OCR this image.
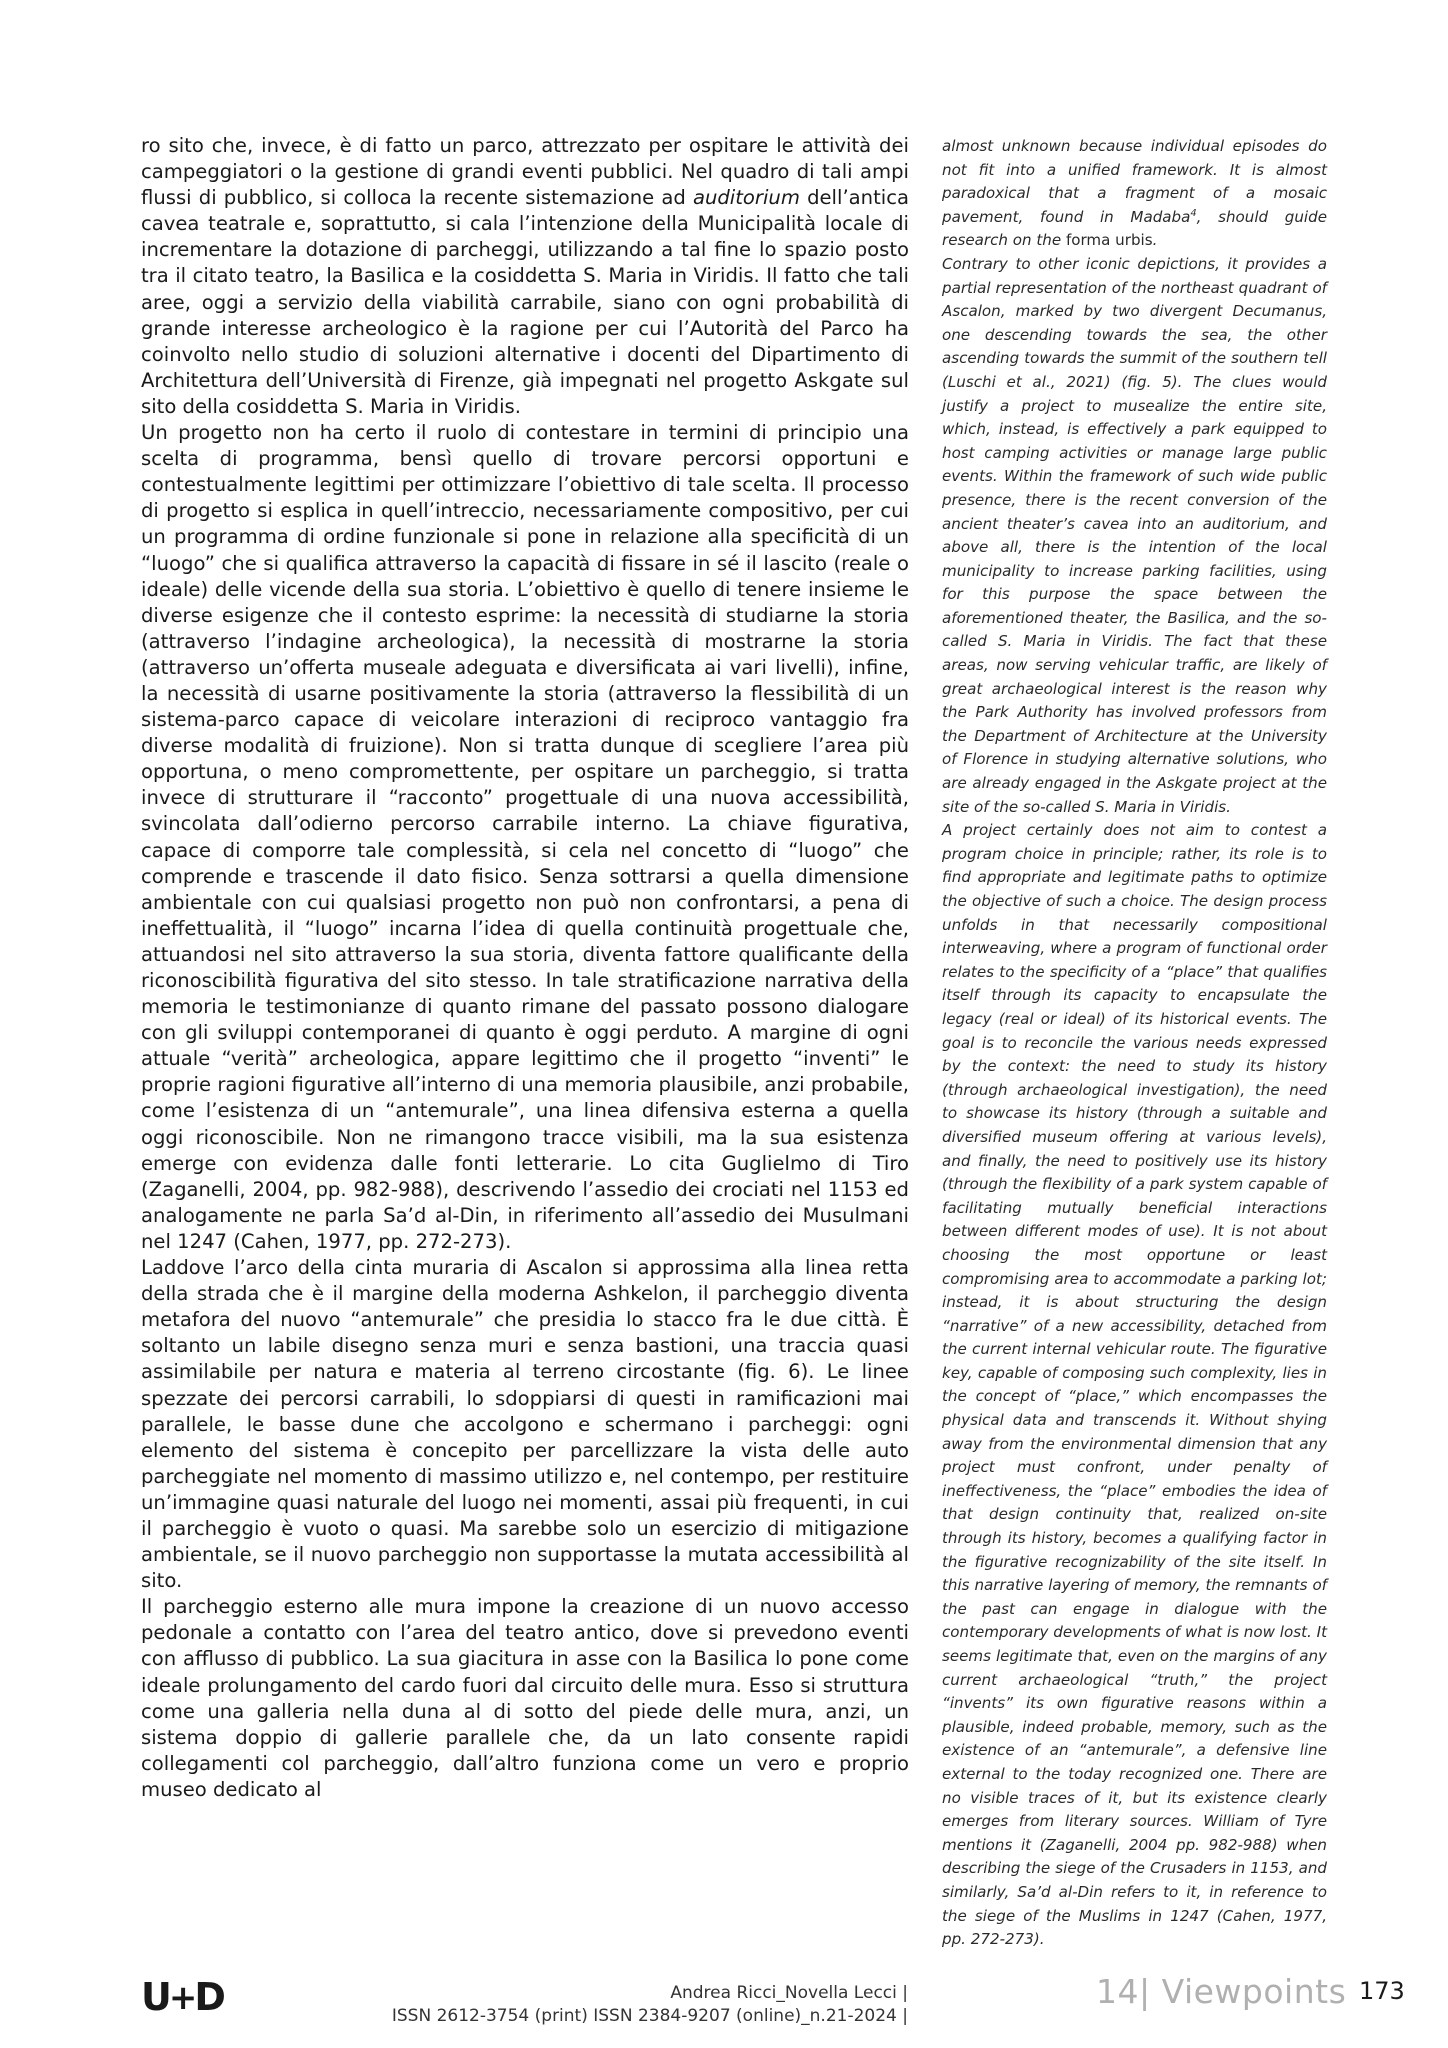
ro sito che, invece, è di fatto un parco, attrezzato per ospitare le attività dei campeggiatori o la gestione di grandi eventi pubblici. Nel quadro di tali ampi flussi di pubblico, si colloca la recente sistemazione ad auditorium dell’antica cavea teatrale e, soprattutto, si cala l’intenzione della Municipalità locale di incrementare la dotazione di parcheggi, utilizzando a tal fine lo spazio posto tra il citato teatro, la Basilica e la cosiddetta S. Maria in Viridis. Il fatto che tali aree, oggi a servizio della viabilità carrabile, siano con ogni probabilità di grande interesse archeologico è la ragione per cui l’Autorità del Parco ha coinvolto nello studio di soluzioni alternative i docenti del Dipartimento di Architettura dell’Università di Firenze, già impegnati nel progetto Askgate sul sito della cosiddetta S. Maria in Viridis.

Un progetto non ha certo il ruolo di contestare in termini di principio una scelta di programma, bensì quello di trovare percorsi opportuni e contestualmente legittimi per ottimizzare l’obiettivo di tale scelta. Il processo di progetto si esplica in quell’intreccio, necessariamente compositivo, per cui un programma di ordine funzionale si pone in relazione alla specificità di un “luogo” che si qualifica attraverso la capacità di fissare in sé il lascito (reale o ideale) delle vicende della sua storia. L’obiettivo è quello di tenere insieme le diverse esigenze che il contesto esprime: la necessità di studiarne la storia (attraverso l’indagine archeologica), la necessità di mostrarne la storia (attraverso un’offerta museale adeguata e diversificata ai vari livelli), infine, la necessità di usarne positivamente la storia (attraverso la flessibilità di un sistema-parco capace di veicolare interazioni di reciproco vantaggio fra diverse modalità di fruizione). Non si tratta dunque di scegliere l’area più opportuna, o meno compromettente, per ospitare un parcheggio, si tratta invece di strutturare il “racconto” progettuale di una nuova accessibilità, svincolata dall’odierno percorso carrabile interno. La chiave figurativa, capace di comporre tale complessità, si cela nel concetto di “luogo” che comprende e trascende il dato fisico. Senza sottrarsi a quella dimensione ambientale con cui qualsiasi progetto non può non confrontarsi, a pena di ineffettualità, il “luogo” incarna l’idea di quella continuità progettuale che, attuandosi nel sito attraverso la sua storia, diventa fattore qualificante della riconoscibilità figurativa del sito stesso. In tale stratificazione narrativa della memoria le testimonianze di quanto rimane del passato possono dialogare con gli sviluppi contemporanei di quanto è oggi perduto. A margine di ogni attuale “verità” archeologica, appare legittimo che il progetto “inventi” le proprie ragioni figurative all’interno di una memoria plausibile, anzi probabile, come l’esistenza di un “antemurale”, una linea difensiva esterna a quella oggi riconoscibile. Non ne rimangono tracce visibili, ma la sua esistenza emerge con evidenza dalle fonti letterarie. Lo cita Guglielmo di Tiro (Zaganelli, 2004, pp. 982-988), descrivendo l’assedio dei crociati nel 1153 ed analogamente ne parla Sa’d al-Din, in riferimento all’assedio dei Musulmani nel 1247 (Cahen, 1977, pp. 272-273).

Laddove l’arco della cinta muraria di Ascalon si approssima alla linea retta della strada che è il margine della moderna Ashkelon, il parcheggio diventa metafora del nuovo “antemurale” che presidia lo stacco fra le due città. È soltanto un labile disegno senza muri e senza bastioni, una traccia quasi assimilabile per natura e materia al terreno circostante (fig. 6). Le linee spezzate dei percorsi carrabili, lo sdoppiarsi di questi in ramificazioni mai parallele, le basse dune che accolgono e schermano i parcheggi: ogni elemento del sistema è concepito per parcellizzare la vista delle auto parcheggiate nel momento di massimo utilizzo e, nel contempo, per restituire un’immagine quasi naturale del luogo nei momenti, assai più frequenti, in cui il parcheggio è vuoto o quasi. Ma sarebbe solo un esercizio di mitigazione ambientale, se il nuovo parcheggio non supportasse la mutata accessibilità al sito.

Il parcheggio esterno alle mura impone la creazione di un nuovo accesso pedonale a contatto con l’area del teatro antico, dove si prevedono eventi con afflusso di pubblico. La sua giacitura in asse con la Basilica lo pone come ideale prolungamento del cardo fuori dal circuito delle mura. Esso si struttura come una galleria nella duna al di sotto del piede delle mura, anzi, un sistema doppio di gallerie parallele che, da un lato consente rapidi collegamenti col parcheggio, dall’altro funziona come un vero e proprio museo dedicato al

almost unknown because individual episodes do not fit into a unified framework. It is almost paradoxical that a fragment of a mosaic pavement, found in Madaba$^4$, should guide research on the forma urbis.

Contrary to other iconic depictions, it provides a partial representation of the northeast quadrant of Ascalon, marked by two divergent Decumanus, one descending towards the sea, the other ascending towards the summit of the southern tell (Luschi et al., 2021) (fig. 5). The clues would justify a project to musealize the entire site, which, instead, is effectively a park equipped to host camping activities or manage large public events. Within the framework of such wide public presence, there is the recent conversion of the ancient theater’s cavea into an auditorium, and above all, there is the intention of the local municipality to increase parking facilities, using for this purpose the space between the aforementioned theater, the Basilica, and the so-called S. Maria in Viridis. The fact that these areas, now serving vehicular traffic, are likely of great archaeological interest is the reason why the Park Authority has involved professors from the Department of Architecture at the University of Florence in studying alternative solutions, who are already engaged in the Askgate project at the site of the so-called S. Maria in Viridis.

A project certainly does not aim to contest a program choice in principle; rather, its role is to find appropriate and legitimate paths to optimize the objective of such a choice. The design process unfolds in that necessarily compositional interweaving, where a program of functional order relates to the specificity of a “place” that qualifies itself through its capacity to encapsulate the legacy (real or ideal) of its historical events. The goal is to reconcile the various needs expressed by the context: the need to study its history (through archaeological investigation), the need to showcase its history (through a suitable and diversified museum offering at various levels), and finally, the need to positively use its history (through the flexibility of a park system capable of facilitating mutually beneficial interactions between different modes of use). It is not about choosing the most opportune or least compromising area to accommodate a parking lot; instead, it is about structuring the design “narrative” of a new accessibility, detached from the current internal vehicular route. The figurative key, capable of composing such complexity, lies in the concept of “place,” which encompasses the physical data and transcends it. Without shying away from the environmental dimension that any project must confront, under penalty of ineffectiveness, the “place” embodies the idea of that design continuity that, realized on-site through its history, becomes a qualifying factor in the figurative recognizability of the site itself. In this narrative layering of memory, the remnants of the past can engage in dialogue with the contemporary developments of what is now lost. It seems legitimate that, even on the margins of any current archaeological “truth,” the project “invents” its own figurative reasons within a plausible, indeed probable, memory, such as the existence of an “antemurale”, a defensive line external to the today recognized one. There are no visible traces of it, but its existence clearly emerges from literary sources. William of Tyre mentions it (Zaganelli, 2004 pp. 982-988) when describing the siege of the Crusaders in 1153, and similarly, Sa’d al-Din refers to it, in reference to the siege of the Muslims in 1247 (Cahen, 1977, pp. 272-273).

U+D	Andrea Ricci_Novella Lecci |
ISSN 2612-3754 (print) ISSN 2384-9207 (online)_n.21-2024 |
14| Viewpoints 173
